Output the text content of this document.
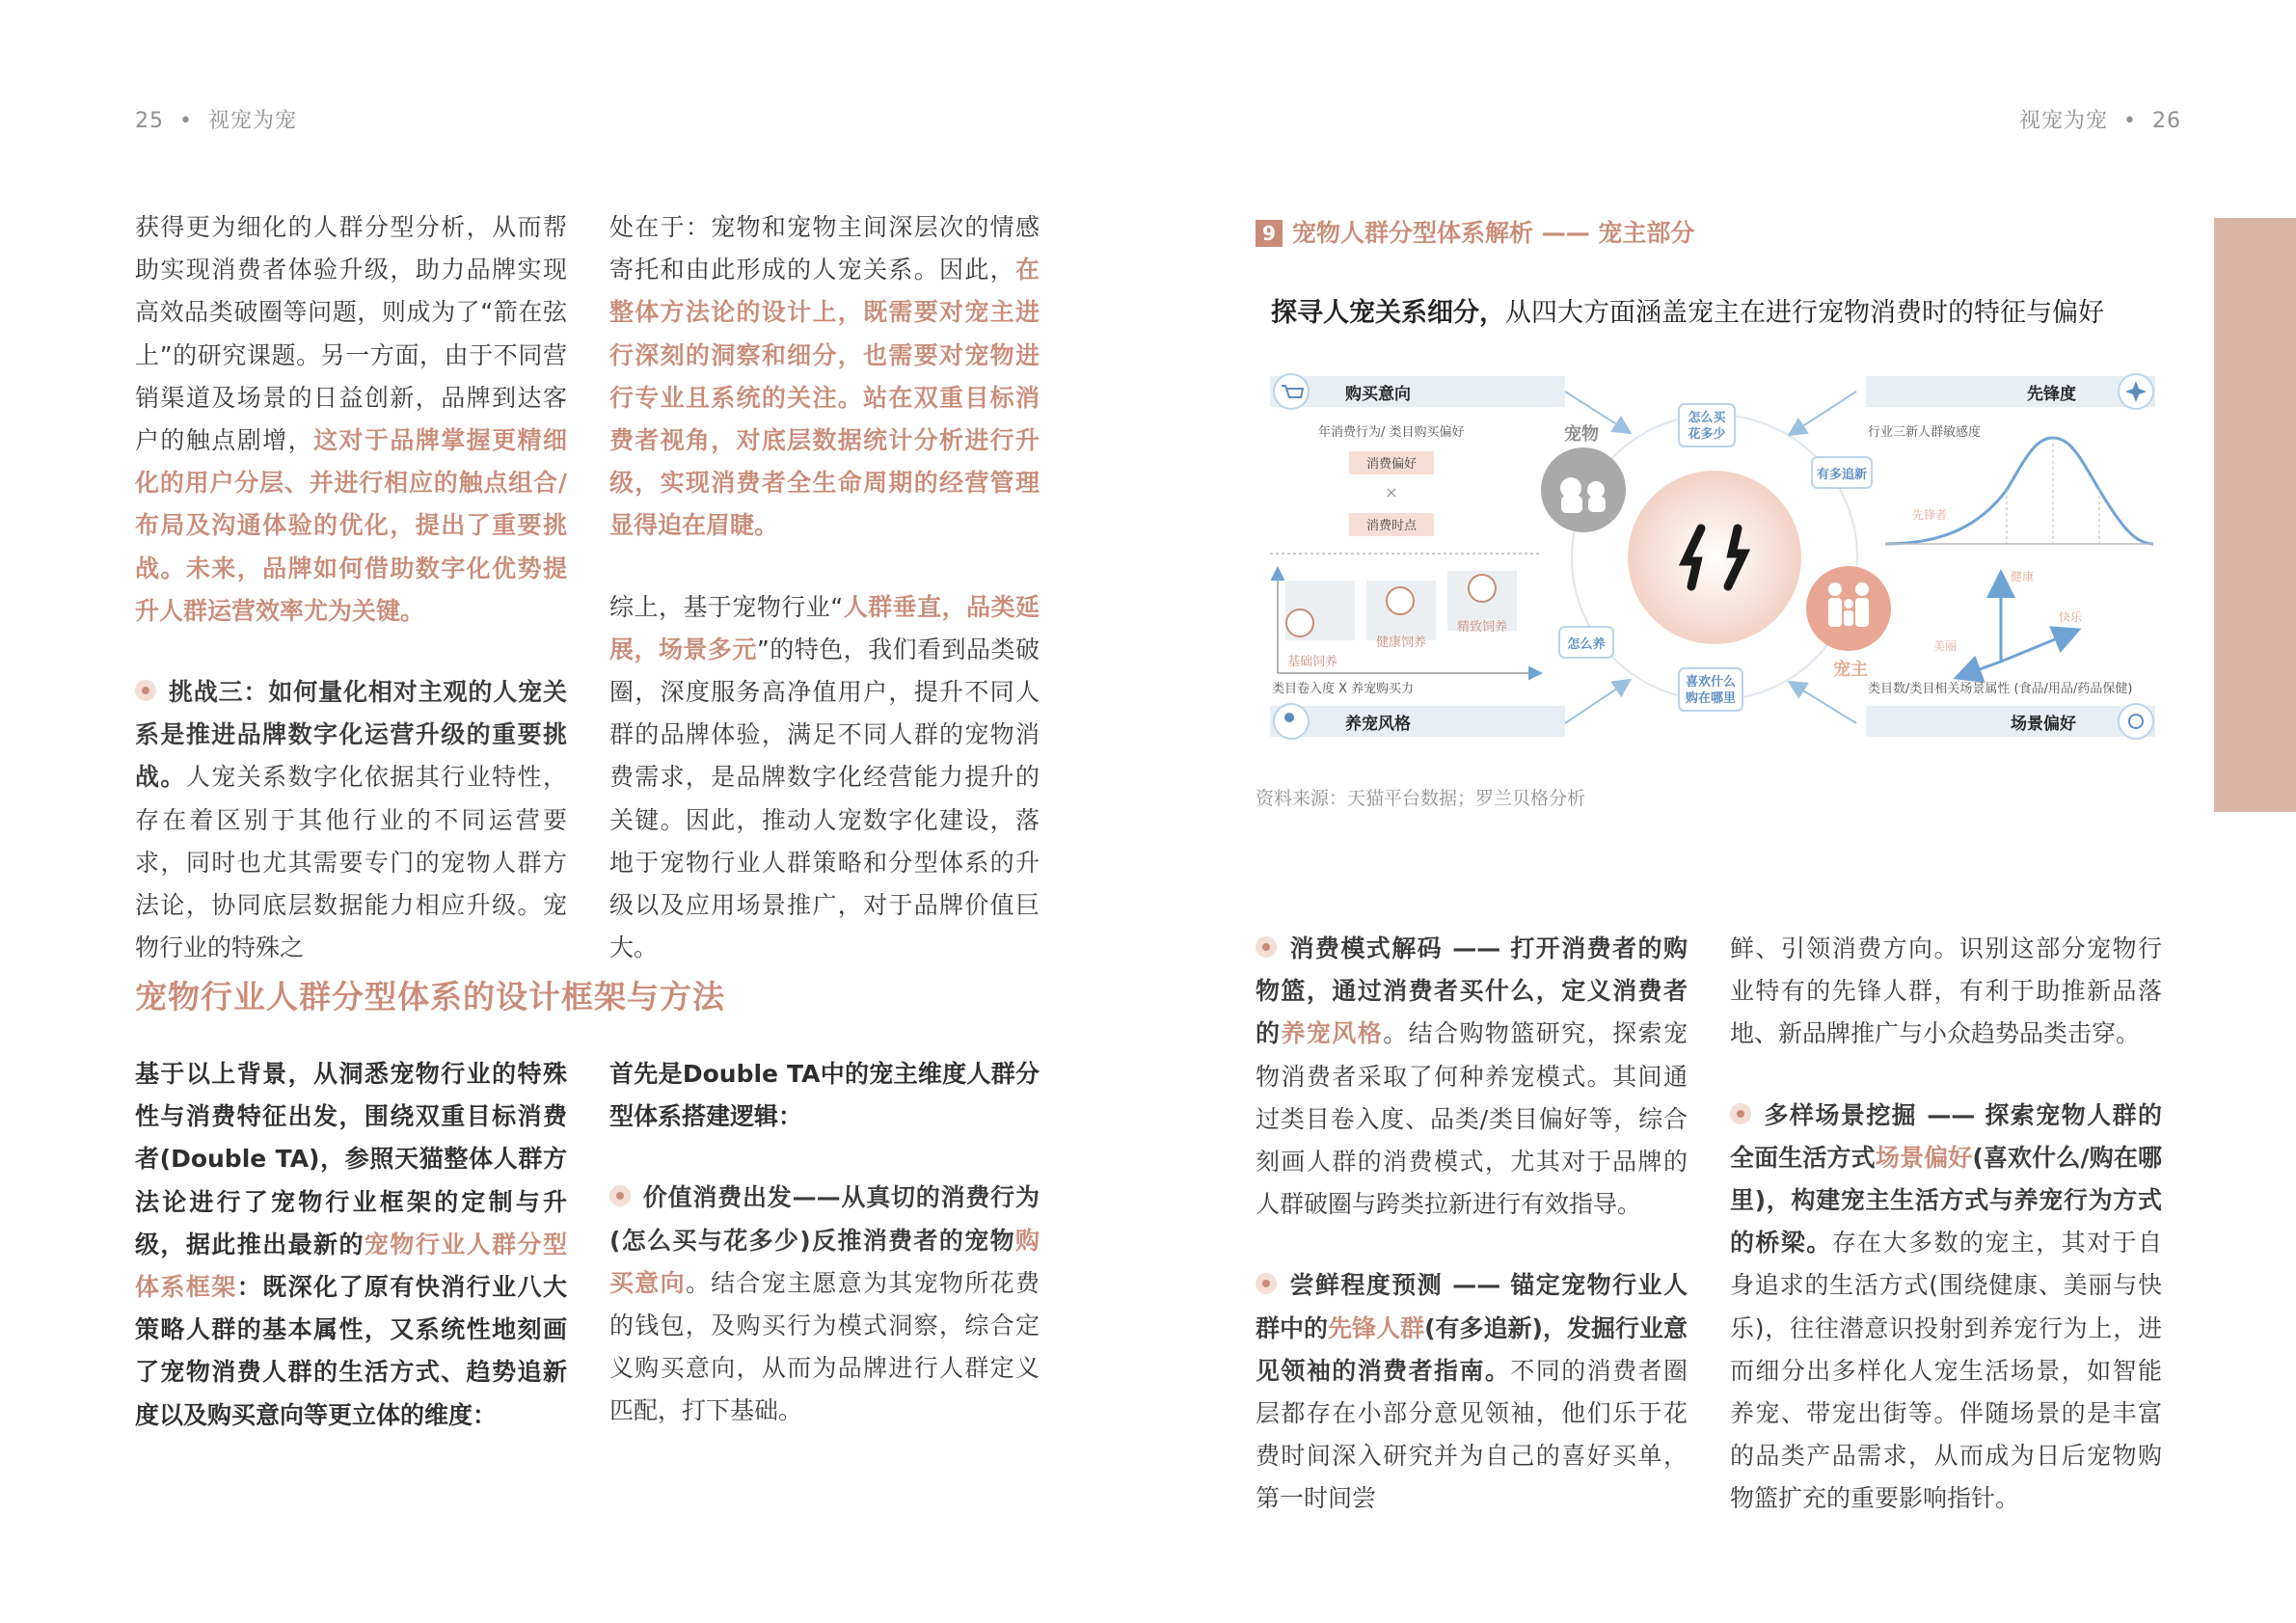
25 • 视宠为宠	视宠为宠 • 26

获得更为细化的人群分型分析，从而帮助实现消费者体验升级，助力品牌实现高效品类破圈等问题，则成为了“箭在弦上”的研究课题。另一方面，由于不同营销渠道及场景的日益创新，品牌到达客户的触点剧增，这对于品牌掌握更精细化的用户分层、并进行相应的触点组合/布局及沟通体验的优化，提出了重要挑战。未来，品牌如何借助数字化优势提升人群运营效率尤为关键。

挑战三：如何量化相对主观的人宠关系是推进品牌数字化运营升级的重要挑战。人宠关系数字化依据其行业特性，存在着区别于其他行业的不同运营要求，同时也尤其需要专门的宠物人群方法论，协同底层数据能力相应升级。宠物行业的特殊之

处在于：宠物和宠物主间深层次的情感寄托和由此形成的人宠关系。因此，在整体方法论的设计上，既需要对宠主进行深刻的洞察和细分，也需要对宠物进行专业且系统的关注。站在双重目标消费者视角，对底层数据统计分析进行升级，实现消费者全生命周期的经营管理显得迫在眉睫。

综上，基于宠物行业“人群垂直，品类延展，场景多元”的特色，我们看到品类破圈，深度服务高净值用户，提升不同人群的品牌体验，满足不同人群的宠物消费需求，是品牌数字化经营能力提升的关键。因此，推动人宠数字化建设，落地于宠物行业人群策略和分型体系的升级以及应用场景推广，对于品牌价值巨大。

宠物行业人群分型体系的设计框架与方法

基于以上背景，从洞悉宠物行业的特殊性与消费特征出发，围绕双重目标消费者(Double TA)，参照天猫整体人群方法论进行了宠物行业框架的定制与升级，据此推出最新的宠物行业人群分型体系框架：既深化了原有快消行业八大策略人群的基本属性，又系统性地刻画了宠物消费人群的生活方式、趋势追新度以及购买意向等更立体的维度：

首先是Double TA中的宠主维度人群分型体系搭建逻辑：

价值消费出发——从真切的消费行为(怎么买与花多少)反推消费者的宠物购买意向。结合宠主愿意为其宠物所花费的钱包，及购买行为模式洞察，综合定义购买意向，从而为品牌进行人群定义匹配，打下基础。

9 宠物人群分型体系解析 —— 宠主部分
探寻人宠关系细分，从四大方面涵盖宠主在进行宠物消费时的特征与偏好
宠物
宠主
怎么买
花多少
有多追新
怎么养
喜欢什么
购在哪里
购买意向
年消费行为/ 类目购买偏好
消费偏好
×
消费时点
基础饲养
健康饲养
精致饲养
类目卷入度 X 养宠购买力
养宠风格
先锋度
行业三新人群敏感度
先锋者
健康
快乐
美丽
类目数/类目相关场景属性 (食品/用品/药品保健)
场景偏好
资料来源：天猫平台数据；罗兰贝格分析

消费模式解码 —— 打开消费者的购物篮，通过消费者买什么，定义消费者的养宠风格。结合购物篮研究，探索宠物消费者采取了何种养宠模式。其间通过类目卷入度、品类/类目偏好等，综合刻画人群的消费模式，尤其对于品牌的人群破圈与跨类拉新进行有效指导。

尝鲜程度预测 —— 锚定宠物行业人群中的先锋人群(有多追新)，发掘行业意见领袖的消费者指南。不同的消费者圈层都存在小部分意见领袖，他们乐于花费时间深入研究并为自己的喜好买单，第一时间尝

鲜、引领消费方向。识别这部分宠物行业特有的先锋人群，有利于助推新品落地、新品牌推广与小众趋势品类击穿。

多样场景挖掘 —— 探索宠物人群的全面生活方式场景偏好(喜欢什么/购在哪里)，构建宠主生活方式与养宠行为方式的桥梁。存在大多数的宠主，其对于自身追求的生活方式(围绕健康、美丽与快乐)，往往潜意识投射到养宠行为上，进而细分出多样化人宠生活场景，如智能养宠、带宠出街等。伴随场景的是丰富的品类产品需求，从而成为日后宠物购物篮扩充的重要影响指针。
